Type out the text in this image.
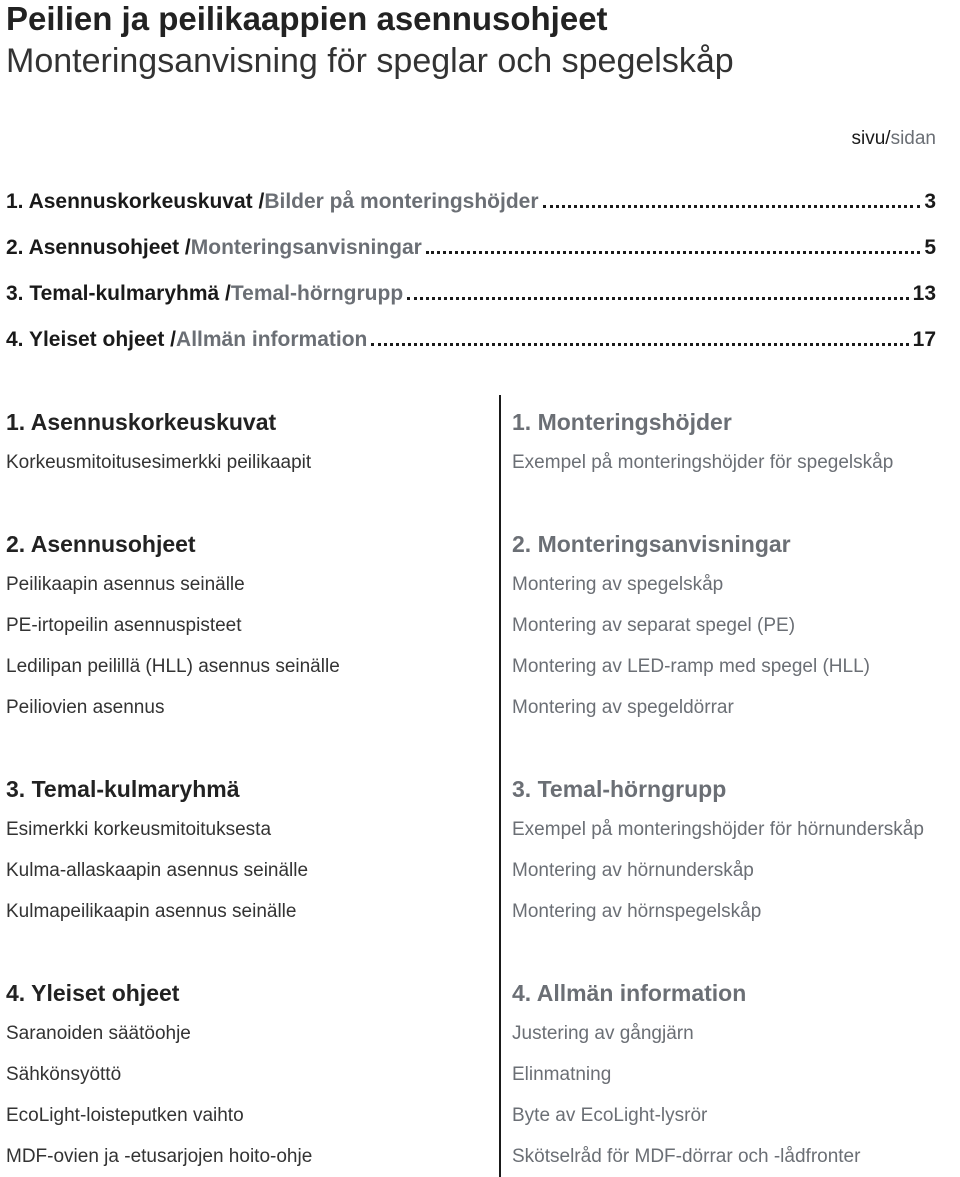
Peilien ja peilikaappien asennusohjeet
Monteringsanvisning för speglar och spegelskåp
sivu/sidan
1. Asennuskorkeuskuvat / Bilder på monteringshöjder	3
2. Asennusohjeet / Monteringsanvisningar	5
3. Temal-kulmaryhmä / Temal-hörngrupp	13
4. Yleiset ohjeet / Allmän information	17
1. Asennuskorkeuskuvat
Korkeusmitoitusesimerkki peilikaapit
2. Asennusohjeet
Peilikaapin asennus seinälle
PE-irtopeilin asennuspisteet
Ledilipan peilillä (HLL) asennus seinälle
Peiliovien asennus
3. Temal-kulmaryhmä
Esimerkki korkeusmitoituksesta
Kulma-allaskaapin asennus seinälle
Kulmapeilikaapin asennus seinälle
4. Yleiset ohjeet
Saranoiden säätöohje
Sähkönsyöttö
EcoLight-loisteputken vaihto
MDF-ovien ja -etusarjojen hoito-ohje
1. Monteringshöjder
Exempel på monteringshöjder för spegelskåp
2. Monteringsanvisningar
Montering av spegelskåp
Montering av separat spegel (PE)
Montering av LED-ramp med spegel (HLL)
Montering av spegeldörrar
3. Temal-hörngrupp
Exempel på monteringshöjder för hörnunderskåp
Montering av hörnunderskåp
Montering av hörnspegelskåp
4. Allmän information
Justering av gångjärn
Elinmatning
Byte av EcoLight-lysrör
Skötselråd för MDF-dörrar och -lådfronter
